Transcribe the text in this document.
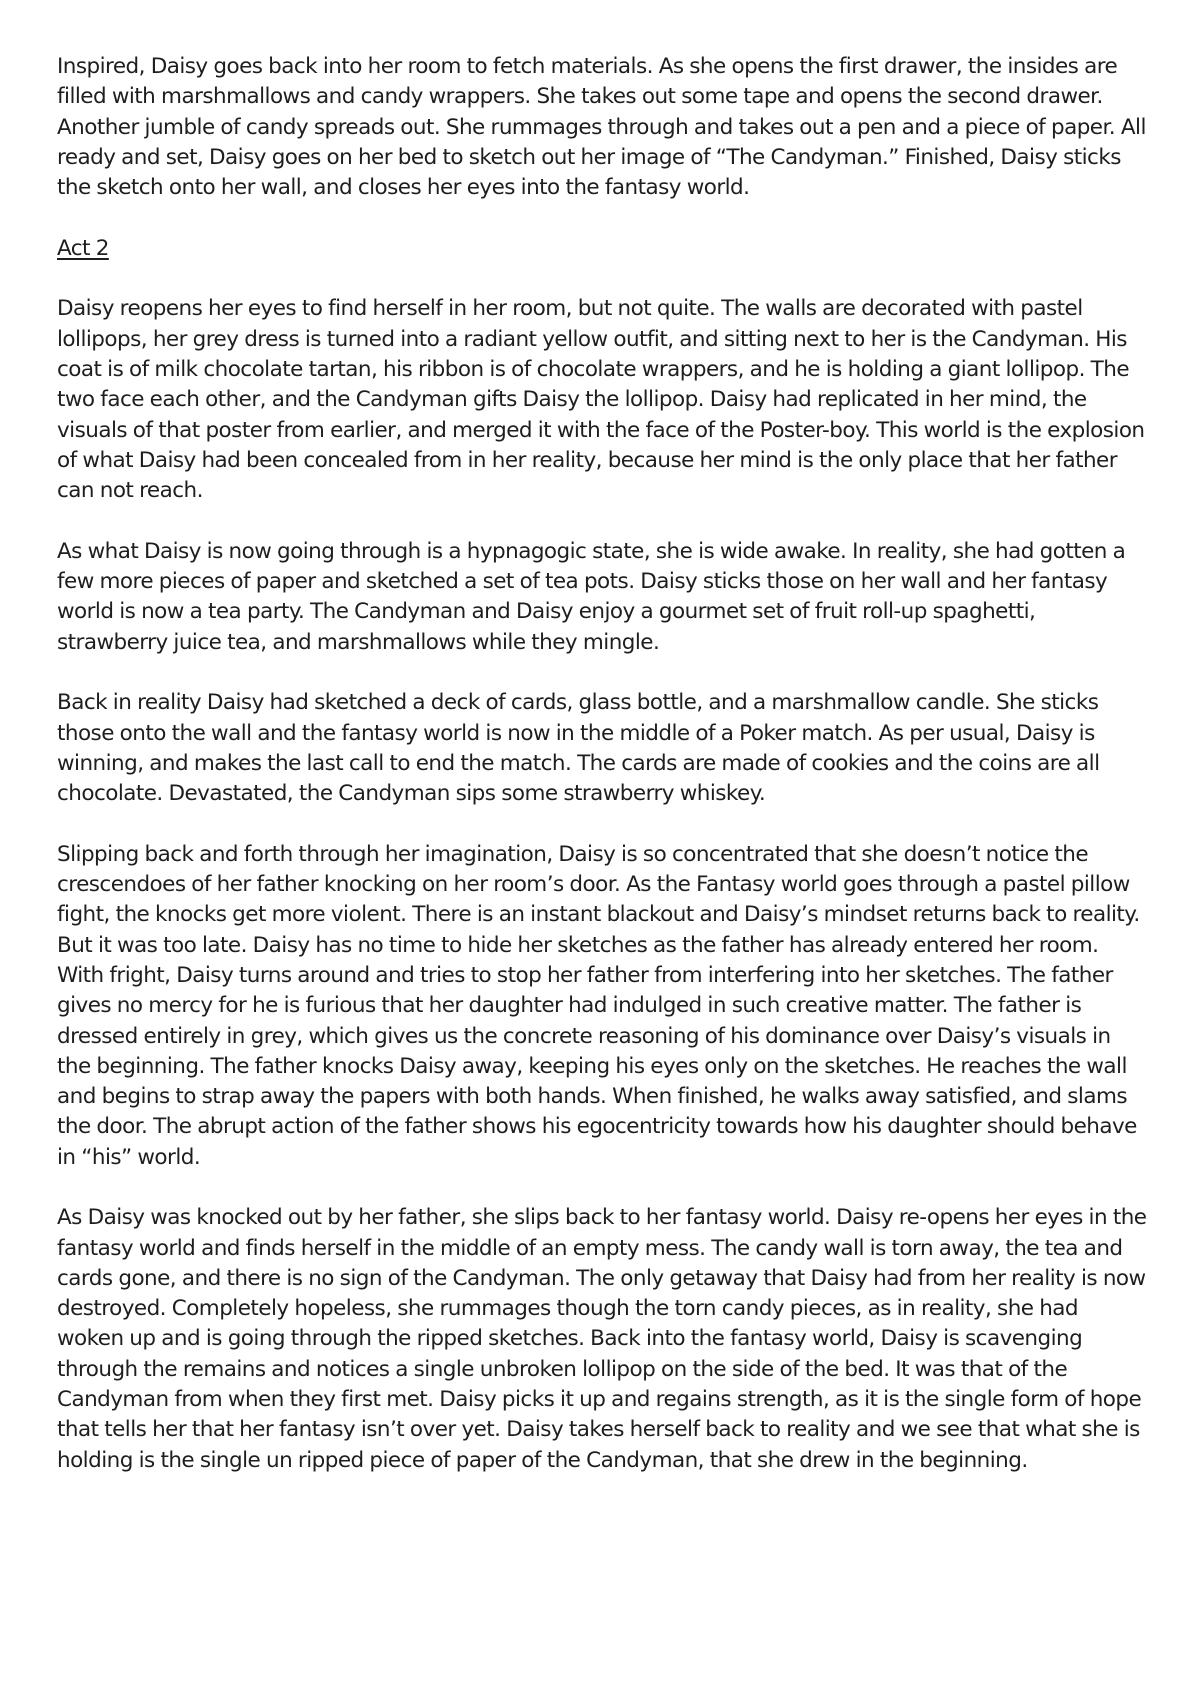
Inspired, Daisy goes back into her room to fetch materials. As she opens the first drawer, the insides are filled with marshmallows and candy wrappers. She takes out some tape and opens the second drawer. Another jumble of candy spreads out. She rummages through and takes out a pen and a piece of paper. All ready and set, Daisy goes on her bed to sketch out her image of “The Candyman.” Finished, Daisy sticks the sketch onto her wall, and closes her eyes into the fantasy world.

Act 2

Daisy reopens her eyes to find herself in her room, but not quite. The walls are decorated with pastel lollipops, her grey dress is turned into a radiant yellow outfit, and sitting next to her is the Candyman. His coat is of milk chocolate tartan, his ribbon is of chocolate wrappers, and he is holding a giant lollipop. The two face each other, and the Candyman gifts Daisy the lollipop. Daisy had replicated in her mind, the visuals of that poster from earlier, and merged it with the face of the Poster-boy. This world is the explosion of what Daisy had been concealed from in her reality, because her mind is the only place that her father can not reach.

As what Daisy is now going through is a hypnagogic state, she is wide awake. In reality, she had gotten a few more pieces of paper and sketched a set of tea pots. Daisy sticks those on her wall and her fantasy world is now a tea party. The Candyman and Daisy enjoy a gourmet set of fruit roll-up spaghetti, strawberry juice tea, and marshmallows while they mingle.

Back in reality Daisy had sketched a deck of cards, glass bottle, and a marshmallow candle. She sticks those onto the wall and the fantasy world is now in the middle of a Poker match. As per usual, Daisy is winning, and makes the last call to end the match. The cards are made of cookies and the coins are all chocolate. Devastated, the Candyman sips some strawberry whiskey.

Slipping back and forth through her imagination, Daisy is so concentrated that she doesn’t notice the crescendoes of her father knocking on her room’s door. As the Fantasy world goes through a pastel pillow fight, the knocks get more violent. There is an instant blackout and Daisy’s mindset returns back to reality. But it was too late. Daisy has no time to hide her sketches as the father has already entered her room. With fright, Daisy turns around and tries to stop her father from interfering into her sketches. The father gives no mercy for he is furious that her daughter had indulged in such creative matter. The father is dressed entirely in grey, which gives us the concrete reasoning of his dominance over Daisy’s visuals in the beginning. The father knocks Daisy away, keeping his eyes only on the sketches. He reaches the wall and begins to strap away the papers with both hands. When finished, he walks away satisfied, and slams the door. The abrupt action of the father shows his egocentricity towards how his daughter should behave in “his” world.

As Daisy was knocked out by her father, she slips back to her fantasy world. Daisy re-opens her eyes in the fantasy world and finds herself in the middle of an empty mess. The candy wall is torn away, the tea and cards gone, and there is no sign of the Candyman. The only getaway that Daisy had from her reality is now destroyed. Completely hopeless, she rummages though the torn candy pieces, as in reality, she had woken up and is going through the ripped sketches. Back into the fantasy world, Daisy is scavenging through the remains and notices a single unbroken lollipop on the side of the bed. It was that of the Candyman from when they first met. Daisy picks it up and regains strength, as it is the single form of hope that tells her that her fantasy isn’t over yet. Daisy takes herself back to reality and we see that what she is holding is the single un ripped piece of paper of the Candyman, that she drew in the beginning.
